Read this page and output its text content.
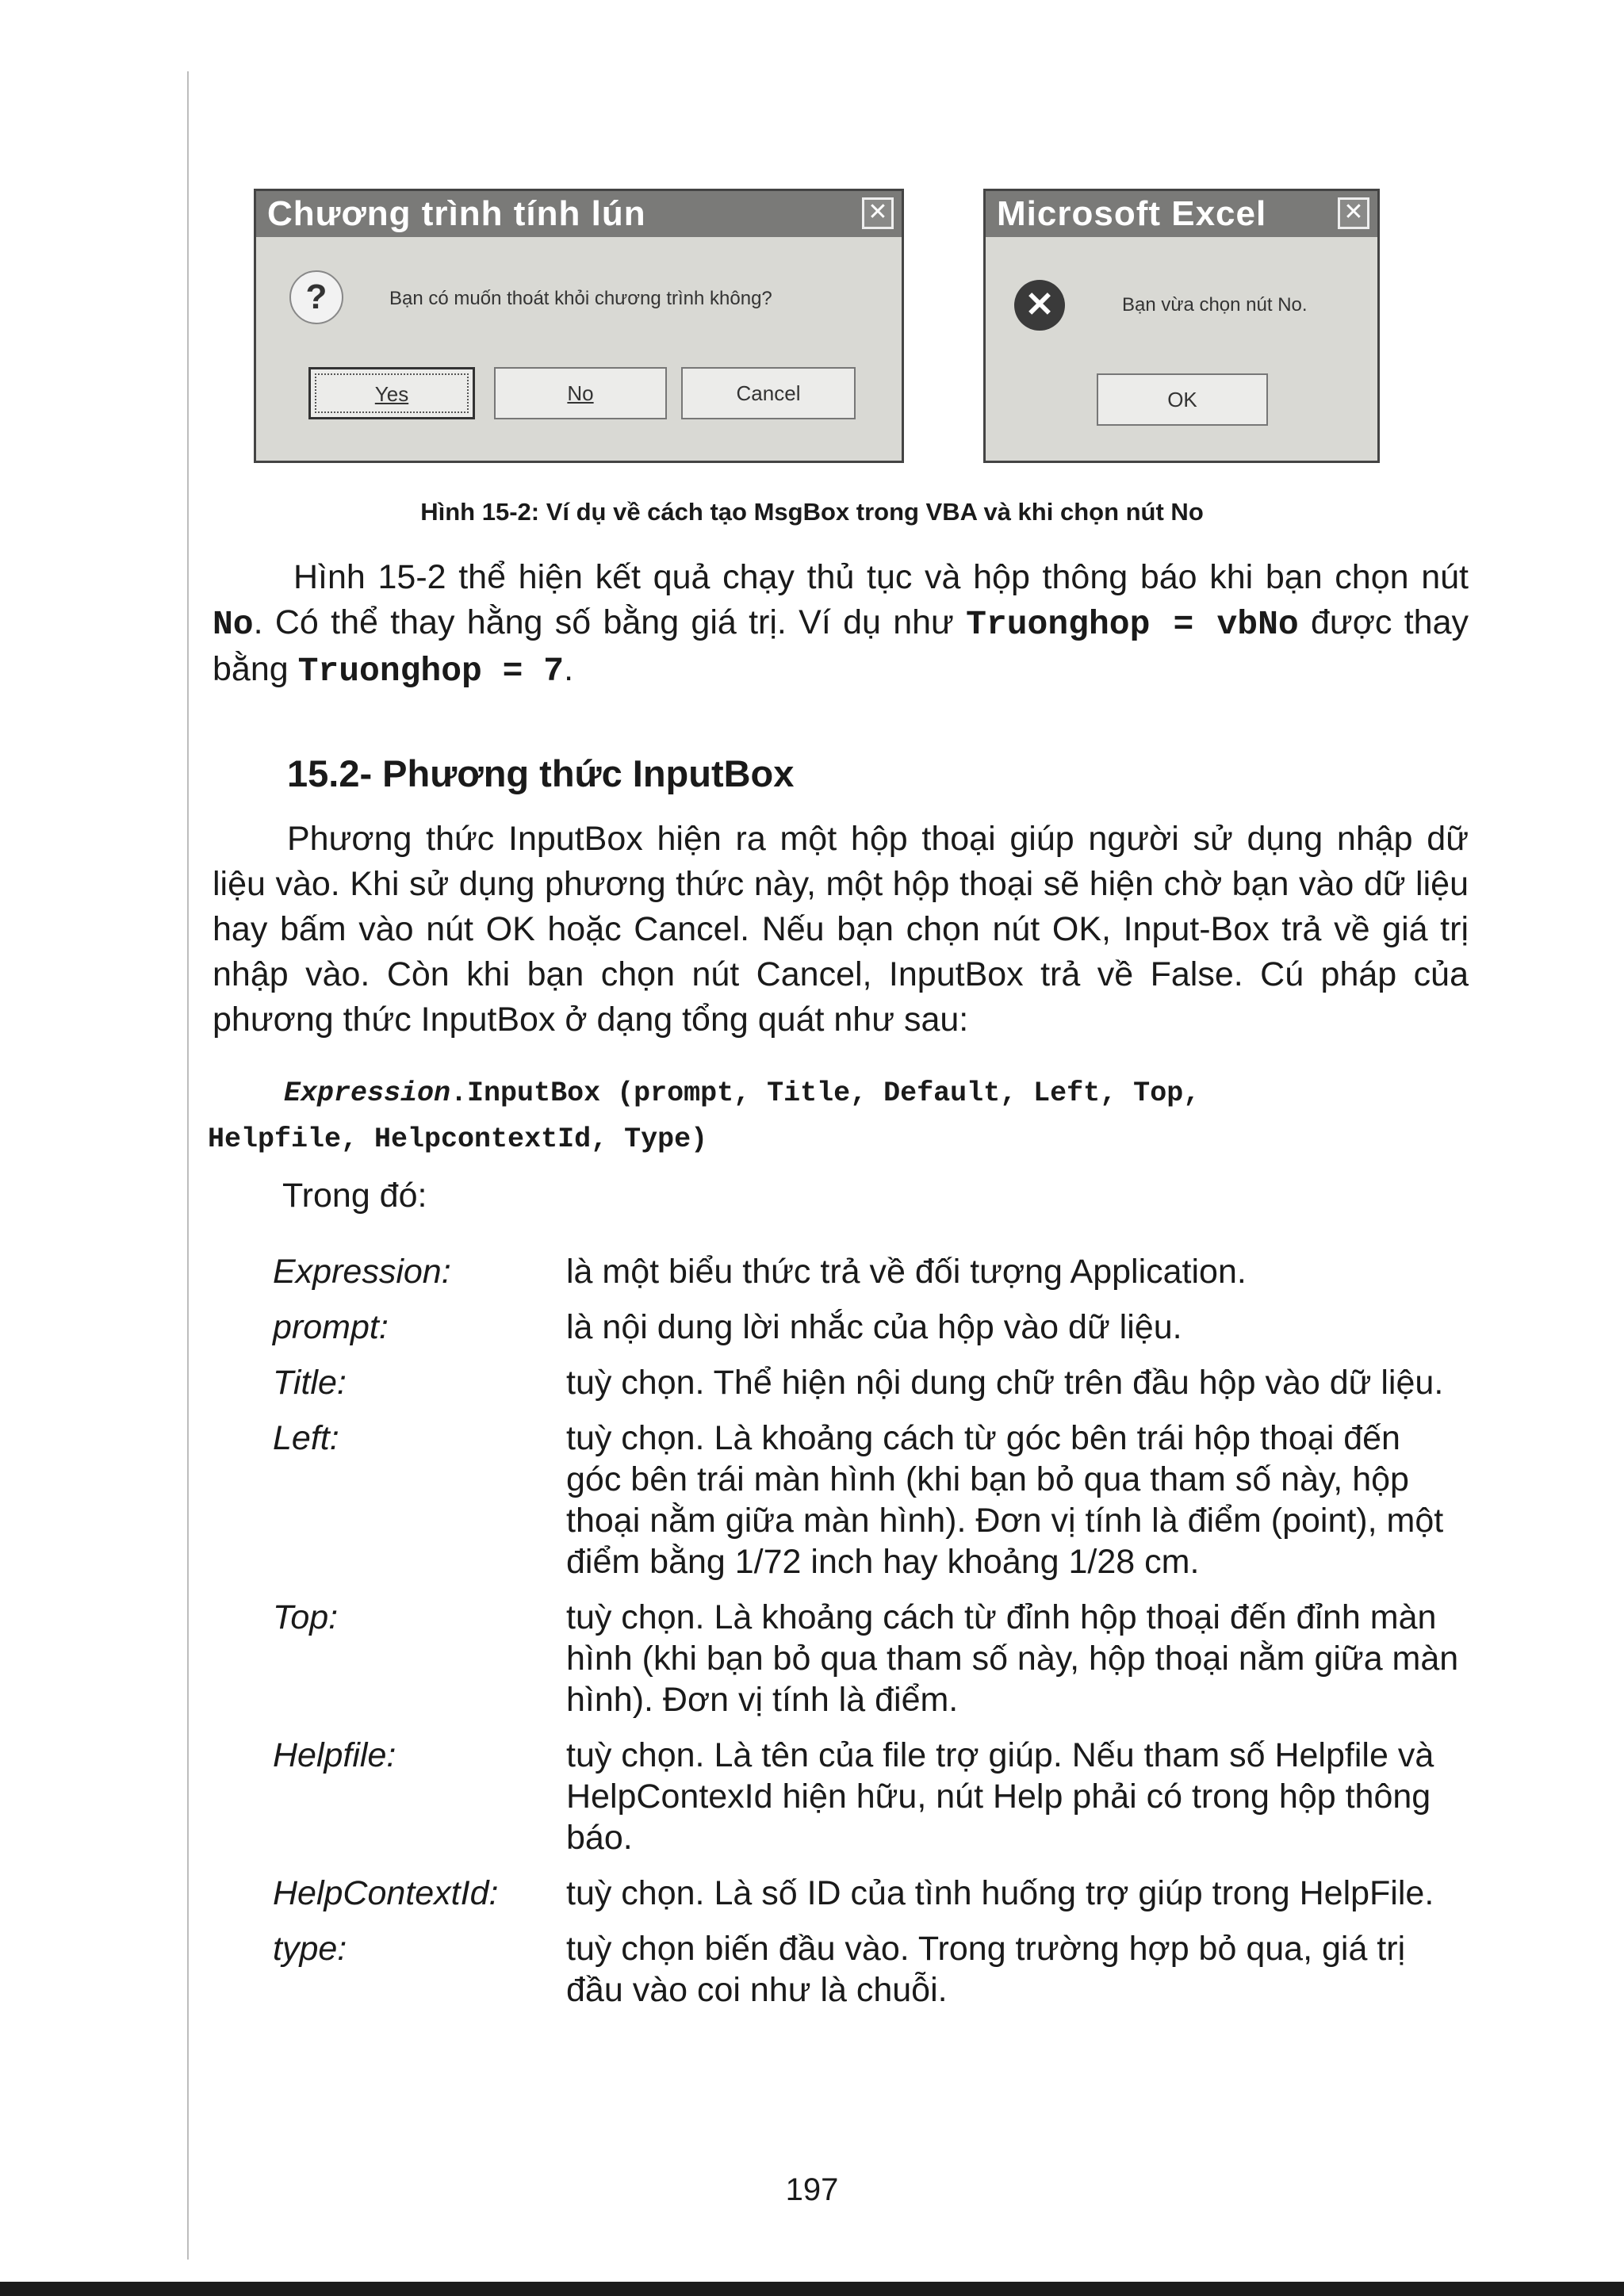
Chương trình tính lún	✕
?	Bạn có muốn thoát khỏi chương trình không?
Yes	No	Cancel
Microsoft Excel	✕
✕	Bạn vừa chọn nút No.
OK
Hình 15-2: Ví dụ về cách tạo MsgBox trong VBA và khi chọn nút No

Hình 15-2 thể hiện kết quả chạy thủ tục và hộp thông báo khi bạn chọn nút No. Có thể thay hằng số bằng giá trị. Ví dụ như Truonghop = vbNo được thay bằng Truonghop = 7.

15.2- Phương thức InputBox

Phương thức InputBox hiện ra một hộp thoại giúp người sử dụng nhập dữ liệu vào. Khi sử dụng phương thức này, một hộp thoại sẽ hiện chờ bạn vào dữ liệu hay bấm vào nút OK hoặc Cancel. Nếu bạn chọn nút OK, Input-Box trả về giá trị nhập vào. Còn khi bạn chọn nút Cancel, InputBox trả về False. Cú pháp của phương thức InputBox ở dạng tổng quát như sau:

Expression.InputBox (prompt, Title, Default, Left, Top,
Helpfile, HelpcontextId, Type)

Trong đó:

Expression:	là một biểu thức trả về đối tượng Application.
prompt:	là nội dung lời nhắc của hộp vào dữ liệu.
Title:	tuỳ chọn. Thể hiện nội dung chữ trên đầu hộp vào dữ liệu.
Left:	tuỳ chọn. Là khoảng cách từ góc bên trái hộp thoại đến góc bên trái màn hình (khi bạn bỏ qua tham số này, hộp thoại nằm giữa màn hình). Đơn vị tính là điểm (point), một điểm bằng 1/72 inch hay khoảng 1/28 cm.
Top:	tuỳ chọn. Là khoảng cách từ đỉnh hộp thoại đến đỉnh màn hình (khi bạn bỏ qua tham số này, hộp thoại nằm giữa màn hình). Đơn vị tính là điểm.
Helpfile:	tuỳ chọn. Là tên của file trợ giúp. Nếu tham số Helpfile và HelpContexId hiện hữu, nút Help phải có trong hộp thông báo.
HelpContextId:	tuỳ chọn. Là số ID của tình huống trợ giúp trong HelpFile.
type:	tuỳ chọn biến đầu vào. Trong trường hợp bỏ qua, giá trị đầu vào coi như là chuỗi.
197
